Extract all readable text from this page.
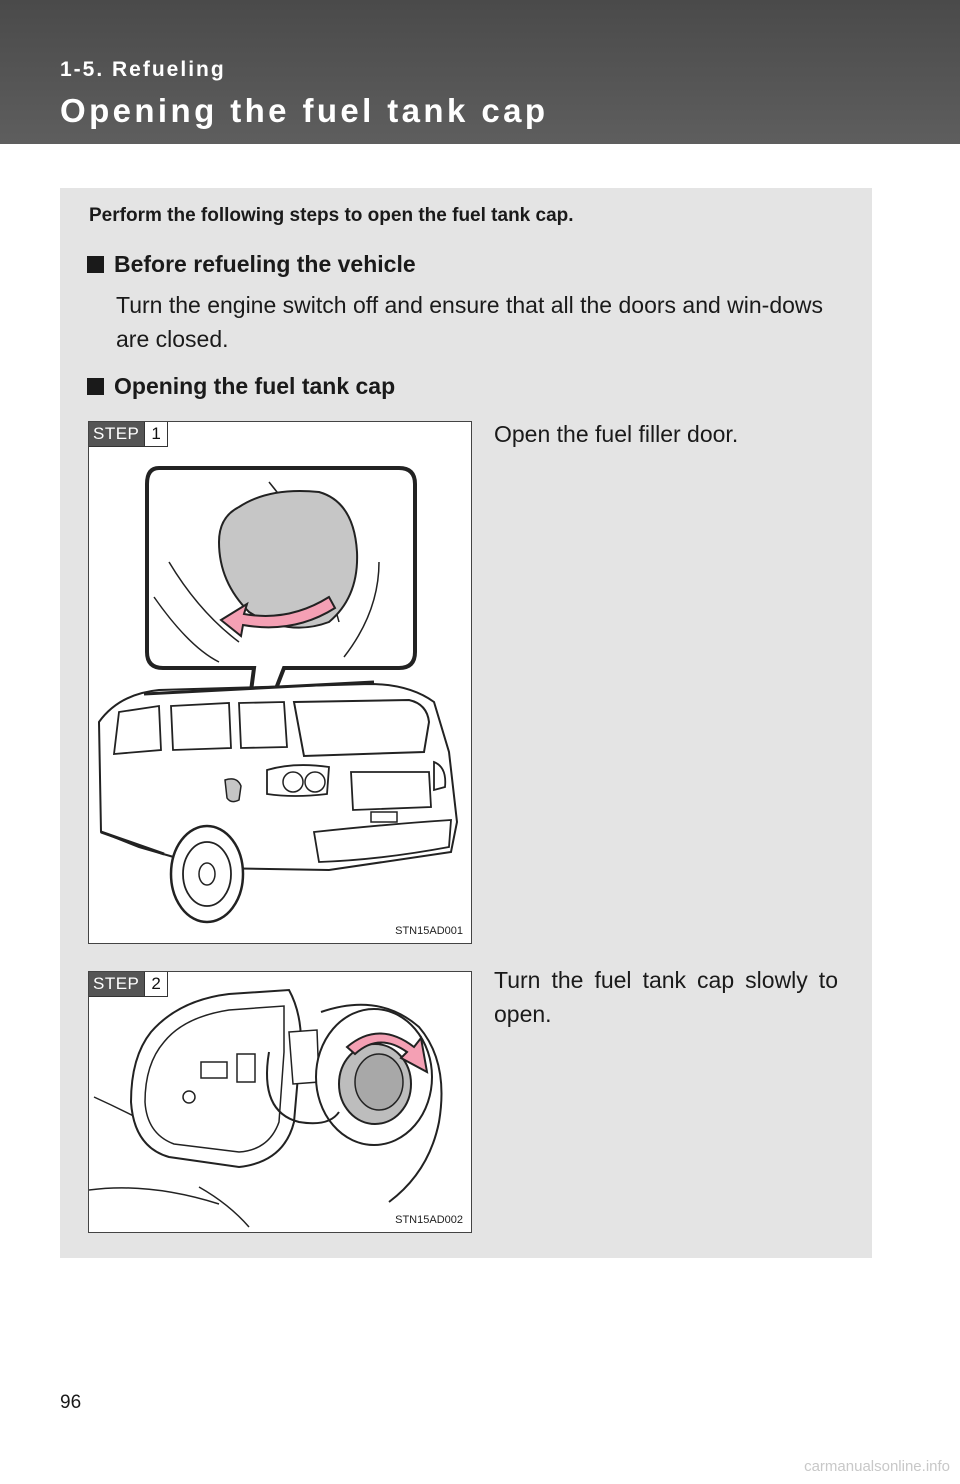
1-5. Refueling
Opening the fuel tank cap
Perform the following steps to open the fuel tank cap.
Before refueling the vehicle

Turn the engine switch off and ensure that all the doors and win-dows are closed.

Opening the fuel tank cap
STEP 1
STN15AD001

Open the fuel filler door.

STEP 2
STN15AD002

Turn the fuel tank cap slowly to open.

96
carmanualsonline.info
